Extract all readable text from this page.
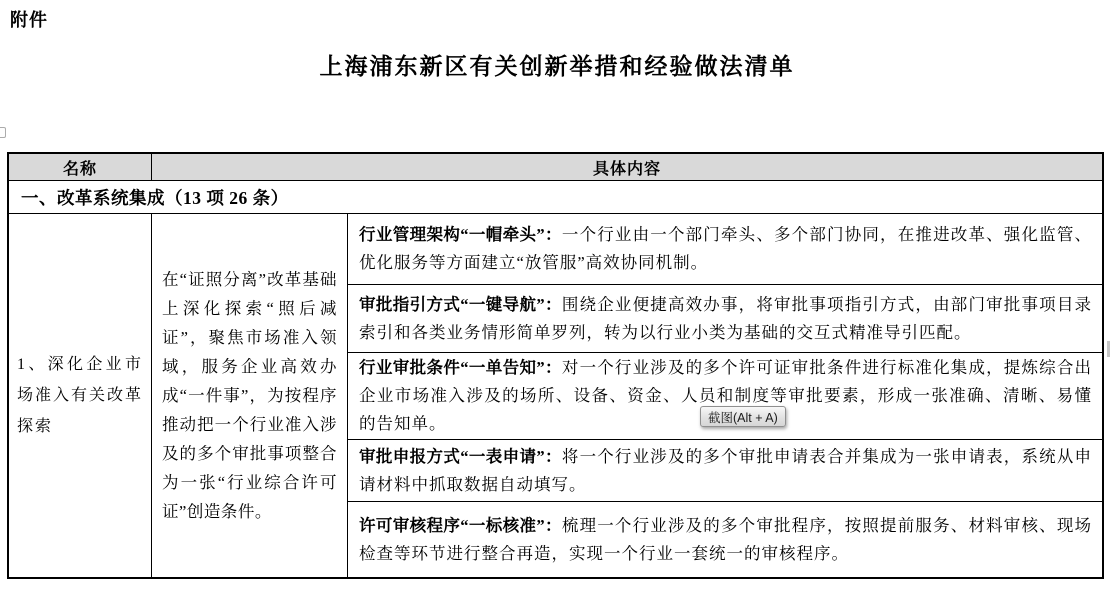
附件
上海浦东新区有关创新举措和经验做法清单
名称	具体内容
一、改革系统集成（13 项 26 条）

1、深化企业市场准入有关改革探索

在“证照分离”改革基础上深化探索“照后减证”，聚焦市场准入领域，服务企业高效办成“一件事”，为按程序推动把一个行业准入涉及的多个审批事项整合为一张“行业综合许可证”创造条件。

行业管理架构“一帽牵头”：一个行业由一个部门牵头、多个部门协同，在推进改革、强化监管、优化服务等方面建立“放管服”高效协同机制。

审批指引方式“一键导航”：围绕企业便捷高效办事，将审批事项指引方式，由部门审批事项目录索引和各类业务情形简单罗列，转为以行业小类为基础的交互式精准导引匹配。

行业审批条件“一单告知”：对一个行业涉及的多个许可证审批条件进行标准化集成，提炼综合出企业市场准入涉及的场所、设备、资金、人员和制度等审批要素，形成一张准确、清晰、易懂的告知单。

审批申报方式“一表申请”：将一个行业涉及的多个审批申请表合并集成为一张申请表，系统从申请材料中抓取数据自动填写。

许可审核程序“一标核准”：梳理一个行业涉及的多个审批程序，按照提前服务、材料审核、现场检查等环节进行整合再造，实现一个行业一套统一的审核程序。

截图(Alt + A)
